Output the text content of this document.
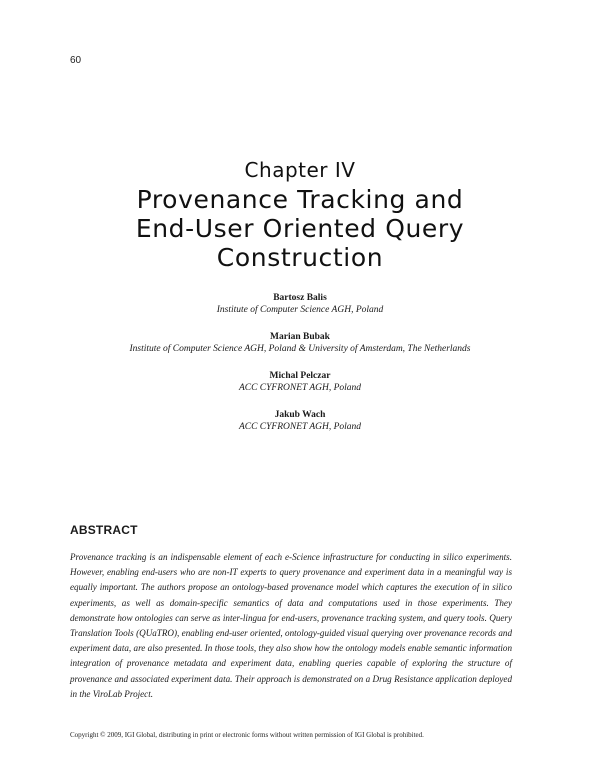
60
Chapter IV
Provenance Tracking and End-User Oriented Query Construction
Bartosz Balis
Institute of Computer Science AGH, Poland
Marian Bubak
Institute of Computer Science AGH, Poland & University of Amsterdam, The Netherlands
Michal Pelczar
ACC CYFRONET AGH, Poland
Jakub Wach
ACC CYFRONET AGH, Poland
ABSTRACT
Provenance tracking is an indispensable element of each e-Science infrastructure for conducting in silico experiments. However, enabling end-users who are non-IT experts to query provenance and experiment data in a meaningful way is equally important. The authors propose an ontology-based provenance model which captures the execution of in silico experiments, as well as domain-specific semantics of data and computations used in those experiments. They demonstrate how ontologies can serve as inter-lingua for end-users, provenance tracking system, and query tools. Query Translation Tools (QUaTRO), enabling end-user oriented, ontology-guided visual querying over provenance records and experiment data, are also presented. In those tools, they also show how the ontology models enable semantic information integration of provenance metadata and experiment data, enabling queries capable of exploring the structure of provenance and associated experiment data. Their approach is demonstrated on a Drug Resistance application deployed in the ViroLab Project.
Copyright © 2009, IGI Global, distributing in print or electronic forms without written permission of IGI Global is prohibited.
